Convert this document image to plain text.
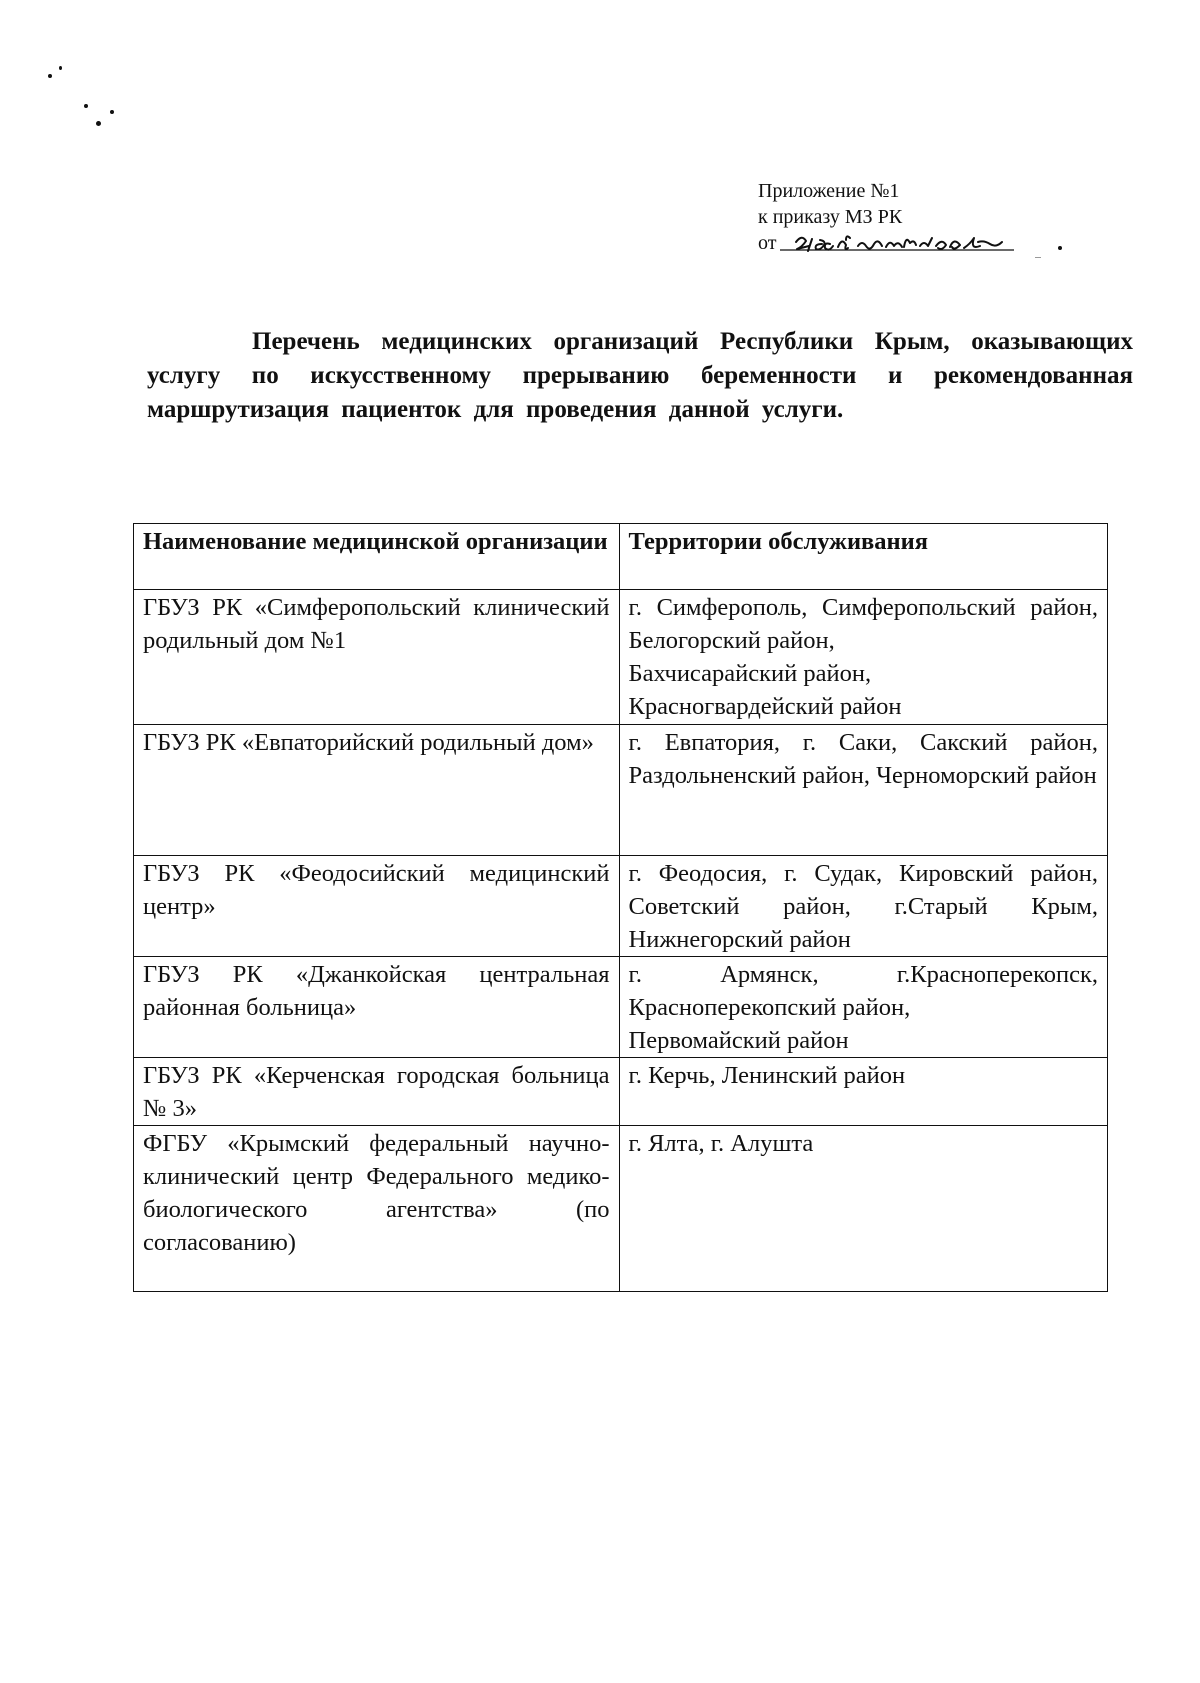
Приложение №1
к приказу МЗ РК
от
Перечень медицинских организаций Республики Крым, оказывающих услугу по искусственному прерыванию беременности и рекомендованная маршрутизация пациенток для проведения данной услуги.
Наименование медицинской организации	Территории обслуживания
ГБУЗ РК «Симферопольский клинический родильный дом №1	г. Симферополь, Симферопольский район, Белогорский район,
Бахчисарайский район,
Красногвардейский район

ГБУЗ РК «Евпаторийский родильный дом»	г. Евпатория, г. Саки, Сакский район, Раздольненский район, Черноморский район

ГБУЗ РК «Феодосийский медицинский центр»	г. Феодосия, г. Судак, Кировский район, Советский район, г.Старый Крым, Нижнегорский район

ГБУЗ РК «Джанкойская центральная районная больница»	г. Армянск, г.Красноперекопск, Красноперекопский район,
Первомайский район

ГБУЗ РК «Керченская городская больница № 3»	г. Керчь, Ленинский район

ФГБУ «Крымский федеральный научно-клинический центр Федерального медико-биологического агентства» (по согласованию)	г. Ялта, г. Алушта
